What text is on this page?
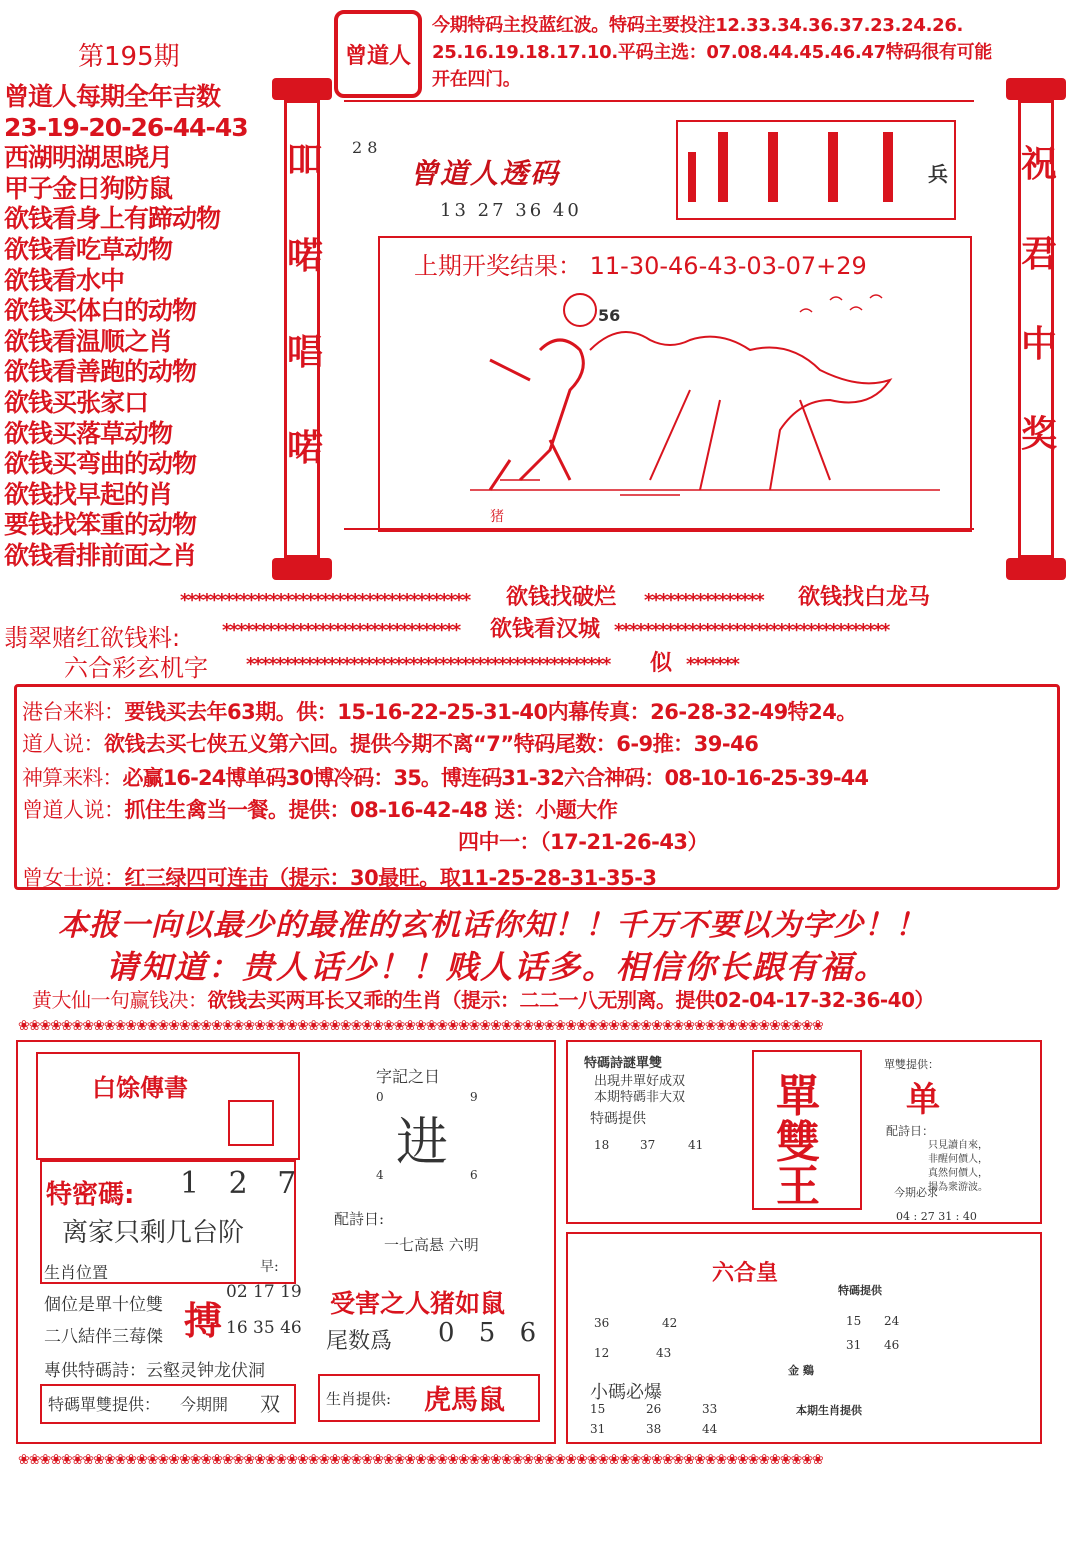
第195期	曾道人
今期特码主投蓝红波。特码主要投注12.33.34.36.37.23.24.26.
25.16.19.18.17.10.平码主选：07.08.44.45.46.47特码很有可能
开在四门。
曾道人每期全年吉数
23-19-20-26-44-43
西湖明湖思晓月
甲子金日狗防鼠
欲钱看身上有蹄动物
欲钱看吃草动物
欲钱看水中
欲钱买体白的动物
欲钱看温顺之肖
欲钱看善跑的动物
欲钱买张家口
欲钱买落草动物
欲钱买弯曲的动物
欲钱找早起的肖
要钱找笨重的动物
欲钱看排前面之肖
吅
喏
唱
喏
祝
君
中
奖
2 8
曾道人透码
13 27 36 40
兵
上期开奖结果： 11-30-46-43-03-07+29
56
猪
***************************************	欲钱找破烂 ****************	欲钱找白龙马
翡翠赌红欲钱料: ********************************	欲钱看汉城 *************************************
六合彩玄机字 *************************************************	似 *******
港台来料：要钱买去年63期。供：15-16-22-25-31-40内幕传真：26-28-32-49特24。
道人说：欲钱去买七侠五义第六回。提供今期不离“7”特码尾数：6-9推：39-46
神算来料：必赢16-24博单码30博冷码：35。博连码31-32六合神码：08-10-16-25-39-44
曾道人说：抓住生禽当一餐。提供：08-16-42-48 送：小题大作
四中一：（17-21-26-43）
曾女士说：红三绿四可连击（提示：30最旺。取11-25-28-31-35-3
本报一向以最少的最准的玄机话你知！！千万不要以为字少！！
请知道：贵人话少！！贱人话多。相信你长跟有福。
黄大仙一句赢钱决：欲钱去买两耳长又乖的生肖（提示：二二一八无别离。提供02-04-17-32-36-40）
❀❀❀❀❀❀❀❀❀❀❀❀❀❀❀❀❀❀❀❀❀❀❀❀❀❀❀❀❀❀❀❀❀❀❀❀❀❀❀❀❀❀❀❀❀❀❀❀❀❀❀❀❀❀❀❀❀❀❀❀❀❀❀❀❀❀❀❀❀❀❀❀❀❀❀
❀❀❀❀❀❀❀❀❀❀❀❀❀❀❀❀❀❀❀❀❀❀❀❀❀❀❀❀❀❀❀❀❀❀❀❀❀❀❀❀❀❀❀❀❀❀❀❀❀❀❀❀❀❀❀❀❀❀❀❀❀❀❀❀❀❀❀❀❀❀❀❀❀❀❀
白馀傳書
特密碼: 1 2 7
离家只剩几台阶
生肖位置
個位是單十位雙
二八結伴三莓傑
專供特碼詩：云壑灵钟龙伏洞
搏
早:
02 17 19
16 35 46
特碼單雙提供： 今期開 双
字記之日
0	9
进
4	6
配詩日:
一七高悬 六明
受害之人猪如鼠
尾数爲 0 5 6
生肖提供: 虎馬鼠
特碼詩謎單雙
出現井單好成双
本期特碼非大双
特碼提供
18	37	41
單
雙
王
單雙提供：
单
配詩日：
只見讀自來，
非醒何價人，
真然何價人，
揚為衆游波。
今期必求
04 : 27 31 : 40
六合皇
特碼提供
36	42
12	43
15 24
31 46
金 鷄
小碼必爆
15	26	33
31	38	44
本期生肖提供
